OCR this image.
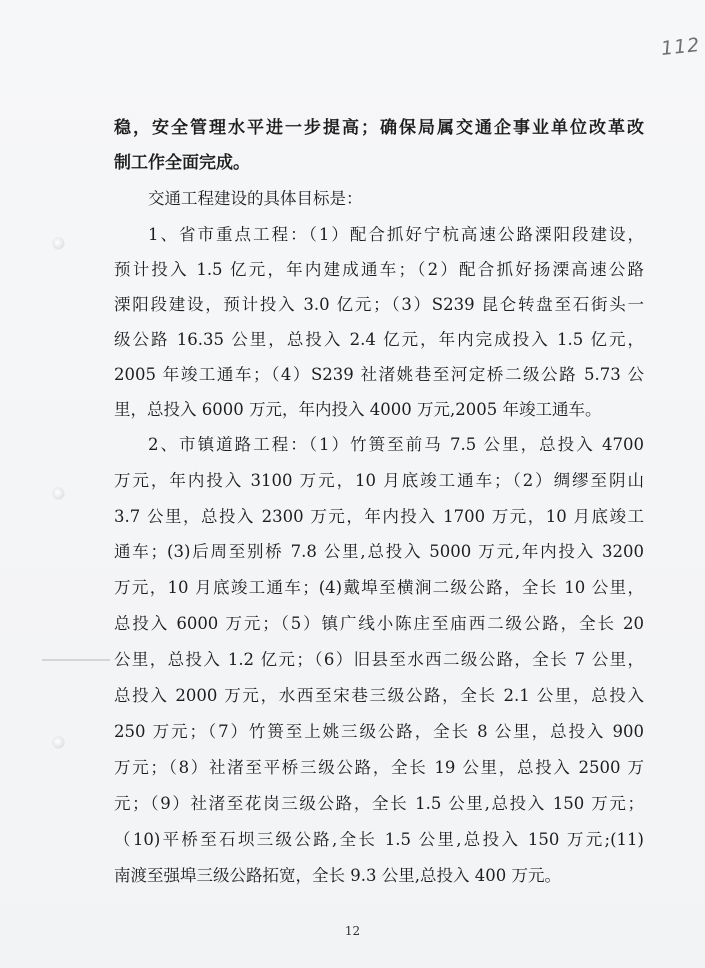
112
稳，安全管理水平进一步提高；确保局属交通企事业单位改革改
制工作全面完成。
交通工程建设的具体目标是：
1、省市重点工程：（1）配合抓好宁杭高速公路溧阳段建设，
预计投入 1.5 亿元，年内建成通车；（2）配合抓好扬溧高速公路
溧阳段建设，预计投入 3.0 亿元；（3）S239 昆仑转盘至石街头一
级公路 16.35 公里，总投入 2.4 亿元，年内完成投入 1.5 亿元，
2005 年竣工通车；（4）S239 社渚姚巷至河定桥二级公路 5.73 公
里，总投入 6000 万元，年内投入 4000 万元,2005 年竣工通车。
2、市镇道路工程：（1）竹篑至前马 7.5 公里，总投入 4700
万元，年内投入 3100 万元，10 月底竣工通车；（2）绸缪至阴山
3.7 公里，总投入 2300 万元，年内投入 1700 万元，10 月底竣工
通车；(3)后周至别桥 7.8 公里,总投入 5000 万元,年内投入 3200
万元，10 月底竣工通车；(4)戴埠至横涧二级公路，全长 10 公里，
总投入 6000 万元；（5）镇广线小陈庄至庙西二级公路，全长 20
公里，总投入 1.2 亿元；（6）旧县至水西二级公路，全长 7 公里，
总投入 2000 万元，水西至宋巷三级公路，全长 2.1 公里，总投入
250 万元；（7）竹篑至上姚三级公路，全长 8 公里，总投入 900
万元；（8）社渚至平桥三级公路，全长 19 公里，总投入 2500 万
元；（9）社渚至花岗三级公路，全长 1.5 公里,总投入 150 万元；
（10)平桥至石坝三级公路,全长 1.5 公里,总投入 150 万元;(11)
南渡至强埠三级公路拓宽，全长 9.3 公里,总投入 400 万元。
12
